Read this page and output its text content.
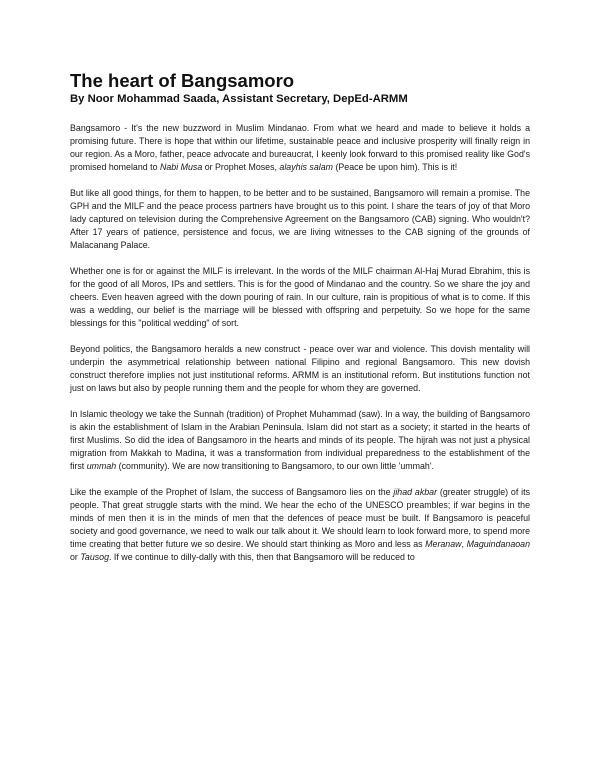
The heart of Bangsamoro
By Noor Mohammad Saada, Assistant Secretary, DepEd-ARMM

Bangsamoro - It's the new buzzword in Muslim Mindanao. From what we heard and made to believe it holds a promising future. There is hope that within our lifetime, sustainable peace and inclusive prosperity will finally reign in our region. As a Moro, father, peace advocate and bureaucrat, I keenly look forward to this promised reality like God's promised homeland to Nabi Musa or Prophet Moses, alayhis salam (Peace be upon him). This is it!

But like all good things, for them to happen, to be better and to be sustained, Bangsamoro will remain a promise. The GPH and the MILF and the peace process partners have brought us to this point. I share the tears of joy of that Moro lady captured on television during the Comprehensive Agreement on the Bangsamoro (CAB) signing. Who wouldn't? After 17 years of patience, persistence and focus, we are living witnesses to the CAB signing of the grounds of Malacanang Palace.

Whether one is for or against the MILF is irrelevant. In the words of the MILF chairman Al-Haj Murad Ebrahim, this is for the good of all Moros, IPs and settlers. This is for the good of Mindanao and the country. So we share the joy and cheers. Even heaven agreed with the down pouring of rain. In our culture, rain is propitious of what is to come. If this was a wedding, our belief is the marriage will be blessed with offspring and perpetuity. So we hope for the same blessings for this "political wedding" of sort.

Beyond politics, the Bangsamoro heralds a new construct - peace over war and violence. This dovish mentality will underpin the asymmetrical relationship between national Filipino and regional Bangsamoro. This new dovish construct therefore implies not just institutional reforms. ARMM is an institutional reform. But institutions function not just on laws but also by people running them and the people for whom they are governed.

In Islamic theology we take the Sunnah (tradition) of Prophet Muhammad (saw). In a way, the building of Bangsamoro is akin the establishment of Islam in the Arabian Peninsula. Islam did not start as a society; it started in the hearts of first Muslims. So did the idea of Bangsamoro in the hearts and minds of its people. The hijrah was not just a physical migration from Makkah to Madina, it was a transformation from individual preparedness to the establishment of the first ummah (community). We are now transitioning to Bangsamoro, to our own little 'ummah'.

Like the example of the Prophet of Islam, the success of Bangsamoro lies on the jihad akbar (greater struggle) of its people. That great struggle starts with the mind. We hear the echo of the UNESCO preambles; if war begins in the minds of men then it is in the minds of men that the defences of peace must be built. If Bangsamoro is peaceful society and good governance, we need to walk our talk about it. We should learn to look forward more, to spend more time creating that better future we so desire. We should start thinking as Moro and less as Meranaw, Maguindanaoan or Tausog. If we continue to dilly-dally with this, then that Bangsamoro will be reduced to
